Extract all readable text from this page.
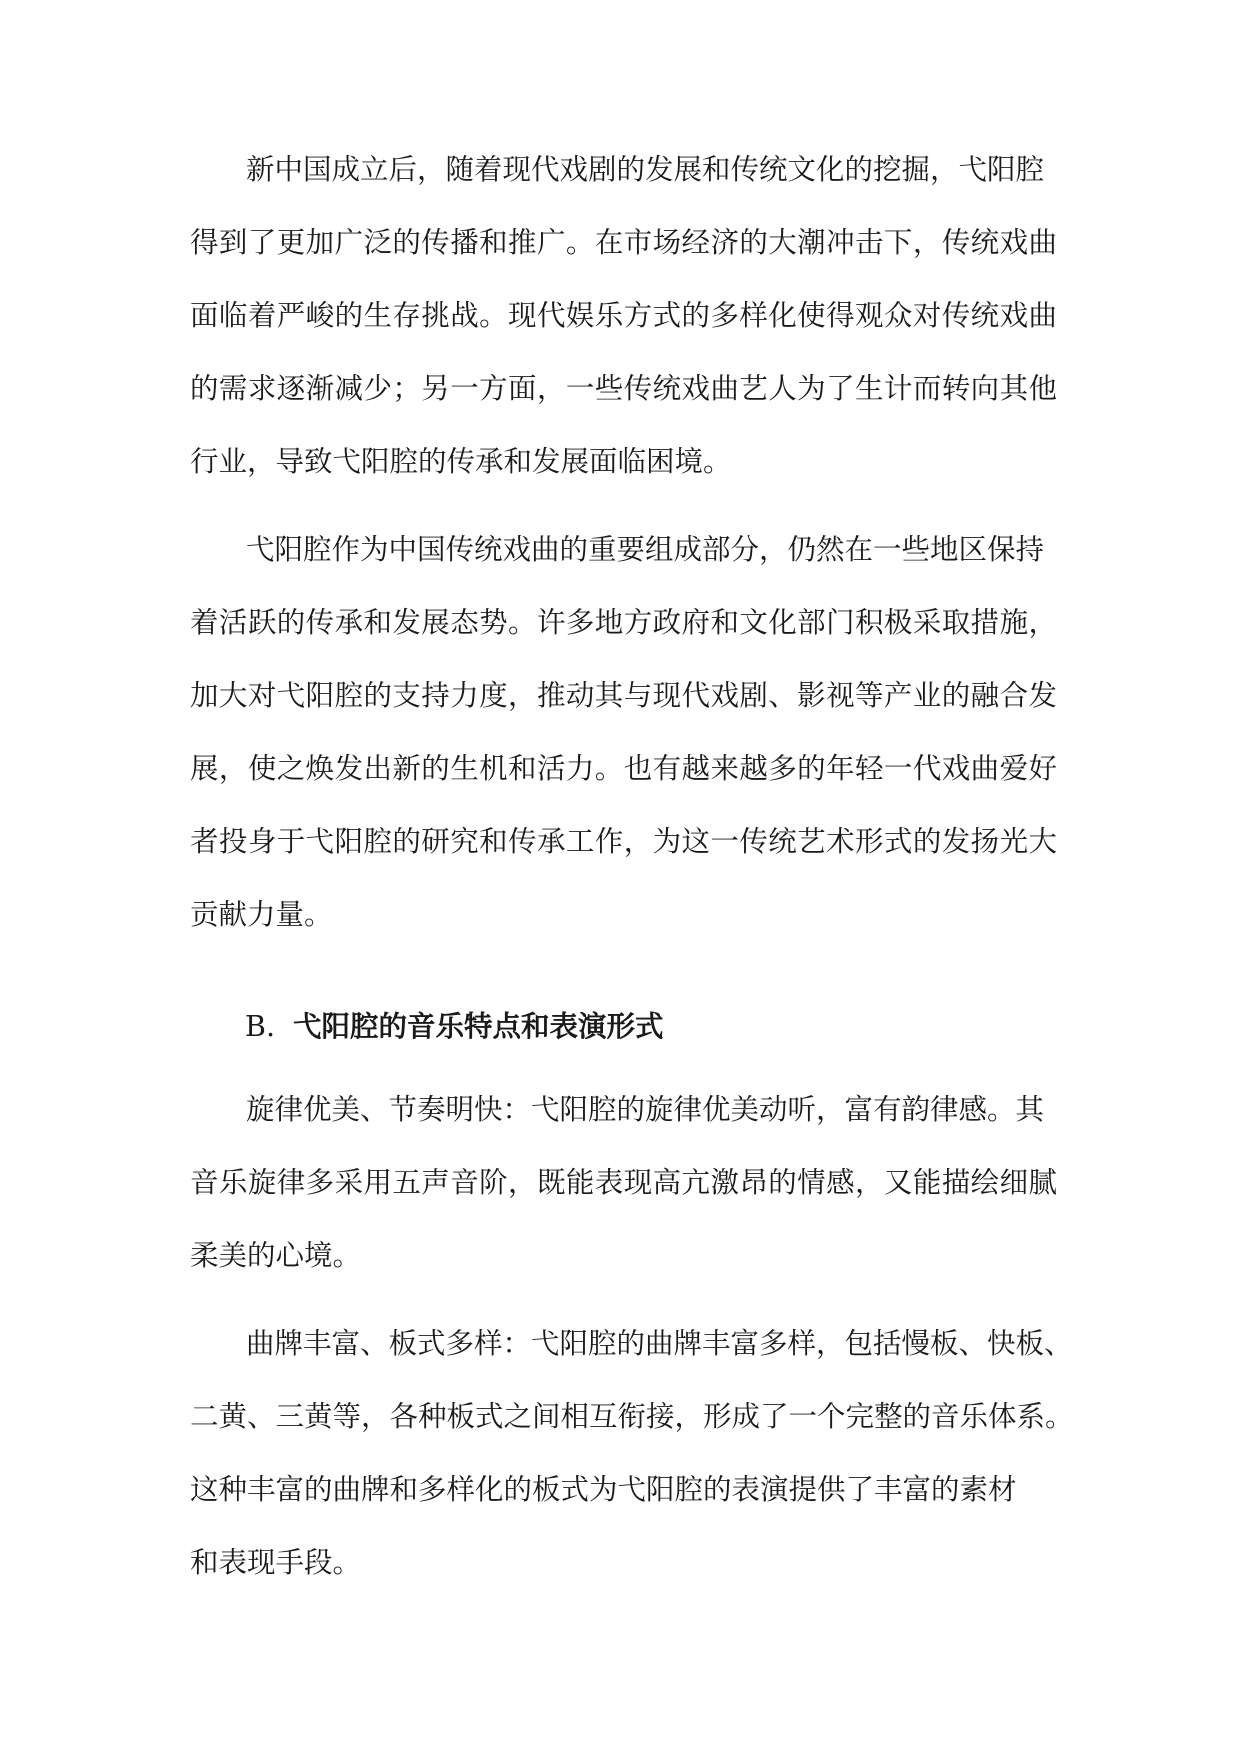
新中国成立后，随着现代戏剧的发展和传统文化的挖掘，弋阳腔

得到了更加广泛的传播和推广。在市场经济的大潮冲击下，传统戏曲

面临着严峻的生存挑战。现代娱乐方式的多样化使得观众对传统戏曲

的需求逐渐减少；另一方面，一些传统戏曲艺人为了生计而转向其他

行业，导致弋阳腔的传承和发展面临困境。

弋阳腔作为中国传统戏曲的重要组成部分，仍然在一些地区保持

着活跃的传承和发展态势。许多地方政府和文化部门积极采取措施，

加大对弋阳腔的支持力度，推动其与现代戏剧、影视等产业的融合发

展，使之焕发出新的生机和活力。也有越来越多的年轻一代戏曲爱好

者投身于弋阳腔的研究和传承工作，为这一传统艺术形式的发扬光大

贡献力量。

B. 弋阳腔的音乐特点和表演形式

旋律优美、节奏明快：弋阳腔的旋律优美动听，富有韵律感。其

音乐旋律多采用五声音阶，既能表现高亢激昂的情感，又能描绘细腻

柔美的心境。

曲牌丰富、板式多样：弋阳腔的曲牌丰富多样，包括慢板、快板、

二黄、三黄等，各种板式之间相互衔接，形成了一个完整的音乐体系。

这种丰富的曲牌和多样化的板式为弋阳腔的表演提供了丰富的素材

和表现手段。
